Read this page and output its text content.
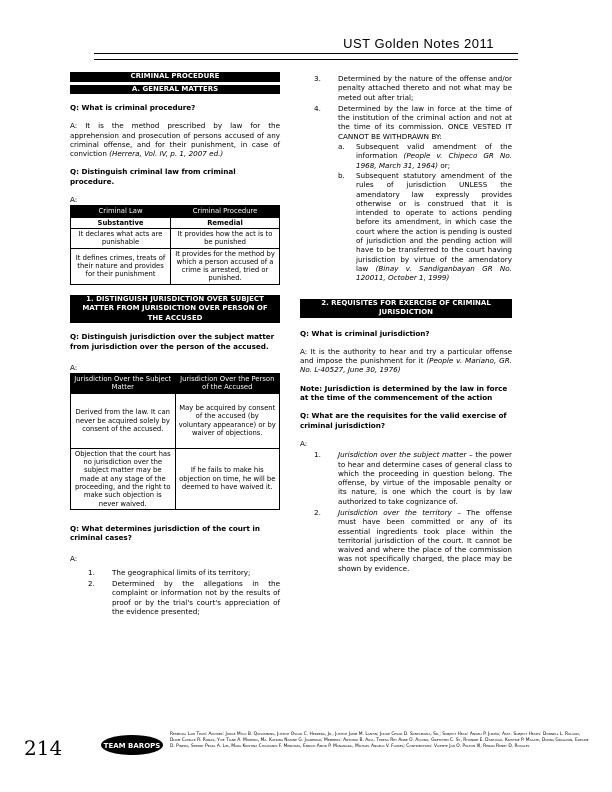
UST Golden Notes 2011
CRIMINAL PROCEDURE
A. GENERAL MATTERS

Q: What is criminal procedure?

A: It is the method prescribed by law for the apprehension and prosecution of persons accused of any criminal offense, and for their punishment, in case of conviction (Herrera, Vol. IV, p. 1, 2007 ed.)

Q: Distinguish criminal law from criminal procedure.

A:

Criminal Law	Criminal Procedure
Substantive	Remedial
It declares what acts are punishable	It provides how the act is to be punished
It defines crimes, treats of their nature and provides for their punishment	It provides for the method by which a person accused of a crime is arrested, tried or punished.
1. DISTINGUISH JURISDICTION OVER SUBJECT MATTER FROM JURISDICTION OVER PERSON OF THE ACCUSED

Q: Distinguish jurisdiction over the subject matter from jurisdiction over the person of the accused.

A:

Jurisdiction Over the Subject Matter	Jurisdiction Over the Person of the Accused
Derived from the law. It can never be acquired solely by consent of the accused.	May be acquired by consent of the accused (by voluntary appearance) or by waiver of objections.
Objection that the court has no jurisdiction over the subject matter may be made at any stage of the proceeding, and the right to make such objection is never waived.	If he fails to make his objection on time, he will be deemed to have waived it.

Q: What determines jurisdiction of the court in criminal cases?

A:

1.	The geographical limits of its territory;
2.	Determined by the allegations in the complaint or information not by the results of proof or by the trial's court's appreciation of the evidence presented;
3.	Determined by the nature of the offense and/or penalty attached thereto and not what may be meted out after trial;
4.	Determined by the law in force at the time of the institution of the criminal action and not at the time of its commission. ONCE VESTED IT CANNOT BE WITHDRAWN BY:
a.	Subsequent valid amendment of the information (People v. Chipeco GR No. 1968, March 31, 1964) or;
b.	Subsequent statutory amendment of the rules of jurisdiction UNLESS the amendatory law expressly provides otherwise or is construed that it is intended to operate to actions pending before its amendment, in which case the court where the action is pending is ousted of jurisdiction and the pending action will have to be transferred to the court having jurisdiction by virtue of the amendatory law (Binay v. Sandiganbayan GR No. 120011, October 1, 1999)
2. REQUISITES FOR EXERCISE OF CRIMINAL JURISDICTION

Q: What is criminal jurisdiction?

A: It is the authority to hear and try a particular offense and impose the punishment for it (People v. Mariano, GR. No. L-40527, June 30, 1976)

Note: Jurisdiction is determined by the law in force at the time of the commencement of the action

Q: What are the requisites for the valid exercise of criminal jurisdiction?

A:

1.	Jurisdiction over the subject matter – the power to hear and determine cases of general class to which the proceeding in question belong. The offense, by virtue of the imposable penalty or its nature, is one which the court is by law authorized to take cognizance of.
2.	Jurisdiction over the territory – The offense must have been committed or any of its essential ingredients took place within the territorial jurisdiction of the court. It cannot be waived and where the place of the commission was not specifically charged, the place may be shown by evidence.
214	TEAM BAROPS
Remedial Law Team: Adviser: Judge Mylo B. Quisumbing, Justice Oscar C. Herrera, Jr., Justice Jamie M. Lantin; Judge Cesar D. Santamaria, Sr.; Subject Head: Angeli P. Juriño; Asst. Subject Heads: Donnell L. Roland, Diane Camille R. Ronas, Yvie Tiane A. Moreno, Ma. Katrina Nadine G. Juanengo; Members: Antonio B. Aida, Teresa Rey Anne O. Aquino, Gretchen C. Sy, Rhonnie E. Dantiago, Kristine P. Malate, Donna Gragasin, Edeline D. Pineda, Sherry Pearl A. Lim, Mara Kristina Chuavanio F. Mendoza, Enrico Amor P. Manangkil, Michael Angelo V. Flores; Contributors: Vicente Jan O. Polton III, Renan Renby D. Rosales
